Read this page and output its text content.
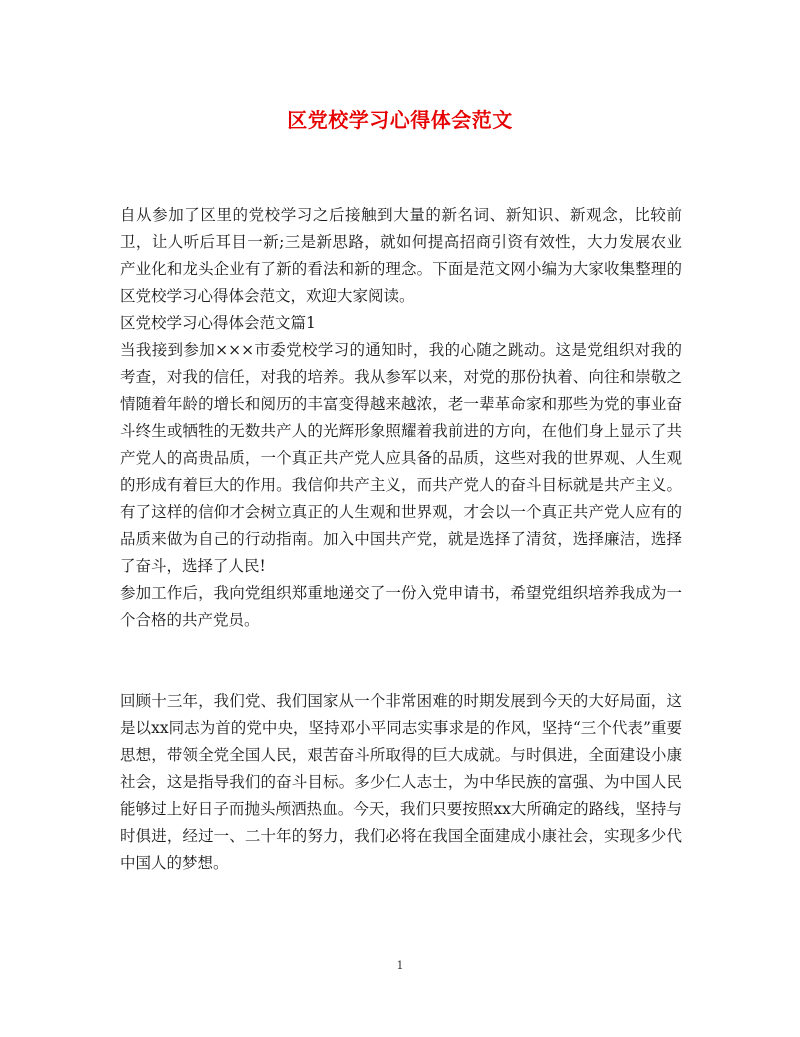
区党校学习心得体会范文

自从参加了区里的党校学习之后接触到大量的新名词、新知识、新观念，比较前卫，让人听后耳目一新;三是新思路，就如何提高招商引资有效性，大力发展农业产业化和龙头企业有了新的看法和新的理念。下面是范文网小编为大家收集整理的区党校学习心得体会范文，欢迎大家阅读。

区党校学习心得体会范文篇1

当我接到参加×××市委党校学习的通知时，我的心随之跳动。这是党组织对我的考查，对我的信任，对我的培养。我从参军以来，对党的那份执着、向往和崇敬之情随着年龄的增长和阅历的丰富变得越来越浓，老一辈革命家和那些为党的事业奋斗终生或牺牲的无数共产人的光辉形象照耀着我前进的方向，在他们身上显示了共产党人的高贵品质，一个真正共产党人应具备的品质，这些对我的世界观、人生观的形成有着巨大的作用。我信仰共产主义，而共产党人的奋斗目标就是共产主义。有了这样的信仰才会树立真正的人生观和世界观，才会以一个真正共产党人应有的品质来做为自己的行动指南。加入中国共产党，就是选择了清贫，选择廉洁，选择了奋斗，选择了人民!

参加工作后，我向党组织郑重地递交了一份入党申请书，希望党组织培养我成为一个合格的共产党员。

回顾十三年，我们党、我们国家从一个非常困难的时期发展到今天的大好局面，这是以xx同志为首的党中央，坚持邓小平同志实事求是的作风，坚持“三个代表”重要思想，带领全党全国人民，艰苦奋斗所取得的巨大成就。与时俱进，全面建设小康社会，这是指导我们的奋斗目标。多少仁人志士，为中华民族的富强、为中国人民能够过上好日子而抛头颅洒热血。今天，我们只要按照xx大所确定的路线，坚持与时俱进，经过一、二十年的努力，我们必将在我国全面建成小康社会，实现多少代中国人的梦想。

1
